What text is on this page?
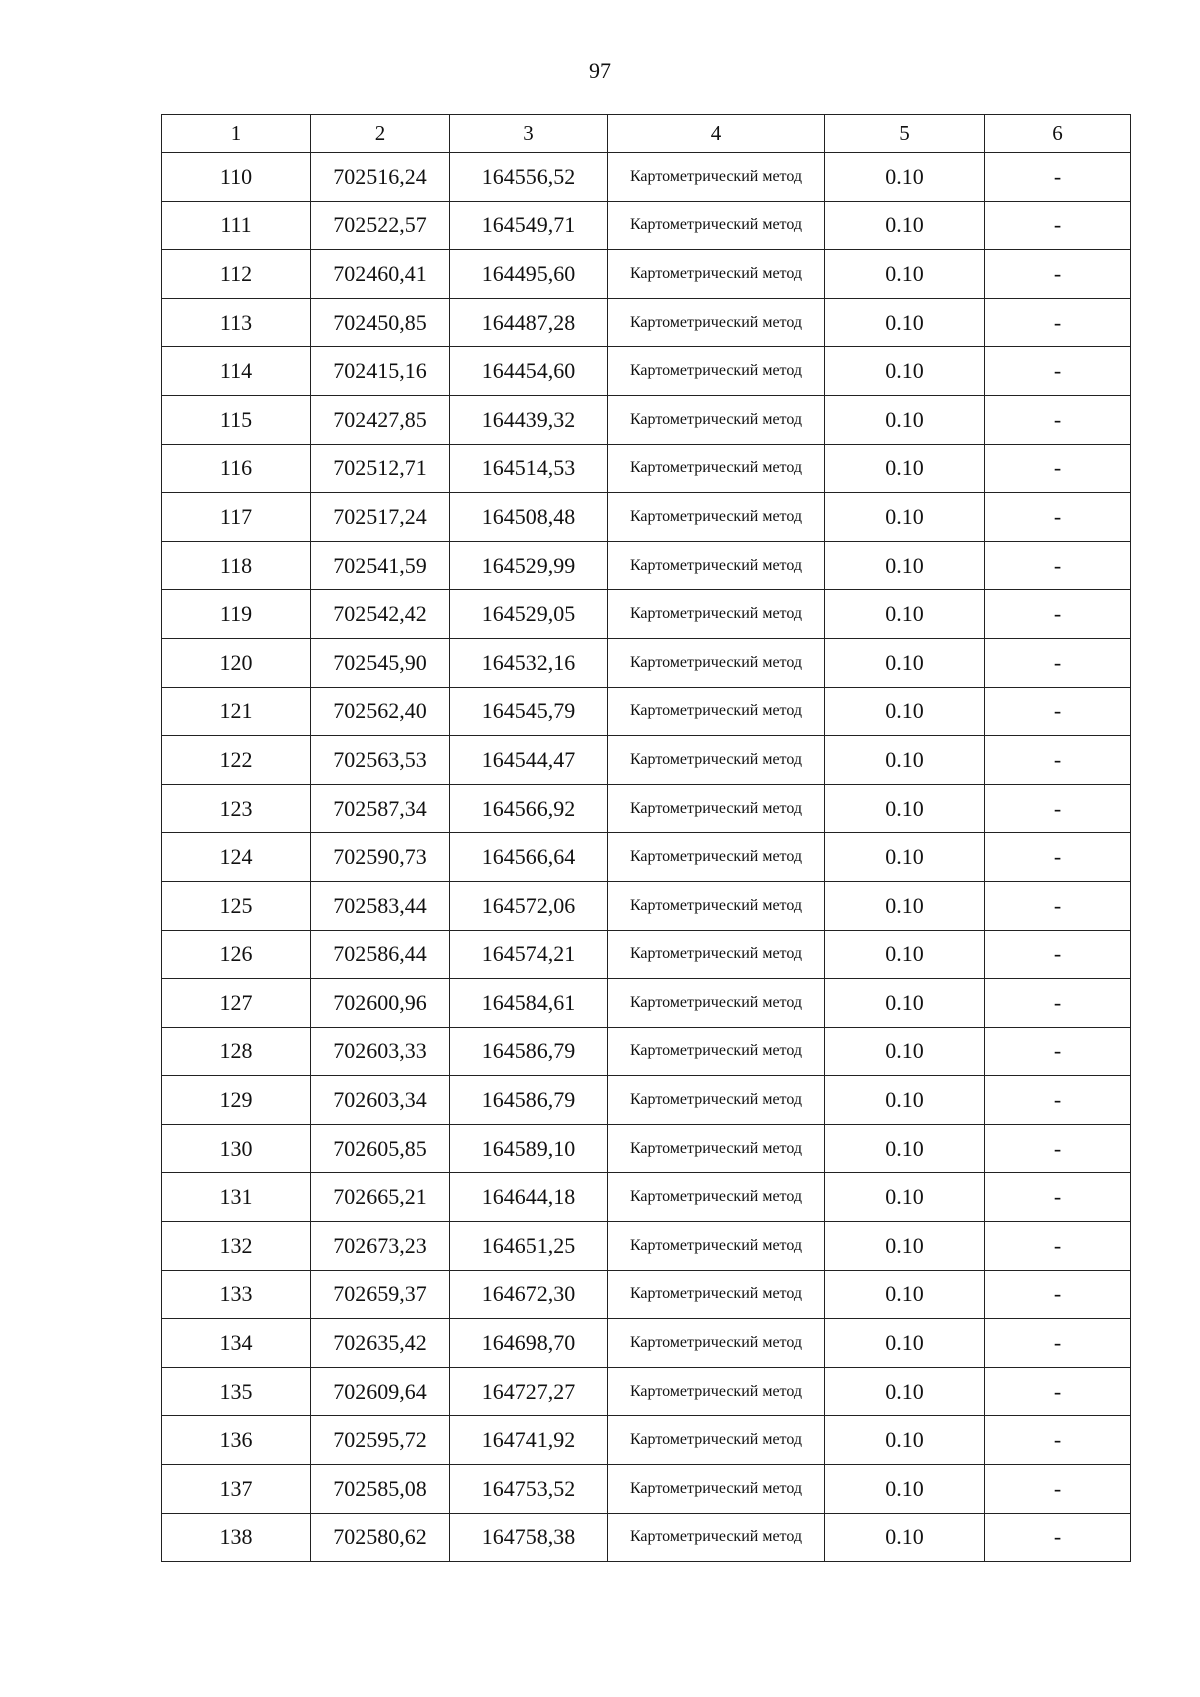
97
1	2	3	4	5	6
110	702516,24	164556,52	Картометрический метод	0.10	-
111	702522,57	164549,71	Картометрический метод	0.10	-
112	702460,41	164495,60	Картометрический метод	0.10	-
113	702450,85	164487,28	Картометрический метод	0.10	-
114	702415,16	164454,60	Картометрический метод	0.10	-
115	702427,85	164439,32	Картометрический метод	0.10	-
116	702512,71	164514,53	Картометрический метод	0.10	-
117	702517,24	164508,48	Картометрический метод	0.10	-
118	702541,59	164529,99	Картометрический метод	0.10	-
119	702542,42	164529,05	Картометрический метод	0.10	-
120	702545,90	164532,16	Картометрический метод	0.10	-
121	702562,40	164545,79	Картометрический метод	0.10	-
122	702563,53	164544,47	Картометрический метод	0.10	-
123	702587,34	164566,92	Картометрический метод	0.10	-
124	702590,73	164566,64	Картометрический метод	0.10	-
125	702583,44	164572,06	Картометрический метод	0.10	-
126	702586,44	164574,21	Картометрический метод	0.10	-
127	702600,96	164584,61	Картометрический метод	0.10	-
128	702603,33	164586,79	Картометрический метод	0.10	-
129	702603,34	164586,79	Картометрический метод	0.10	-
130	702605,85	164589,10	Картометрический метод	0.10	-
131	702665,21	164644,18	Картометрический метод	0.10	-
132	702673,23	164651,25	Картометрический метод	0.10	-
133	702659,37	164672,30	Картометрический метод	0.10	-
134	702635,42	164698,70	Картометрический метод	0.10	-
135	702609,64	164727,27	Картометрический метод	0.10	-
136	702595,72	164741,92	Картометрический метод	0.10	-
137	702585,08	164753,52	Картометрический метод	0.10	-
138	702580,62	164758,38	Картометрический метод	0.10	-
